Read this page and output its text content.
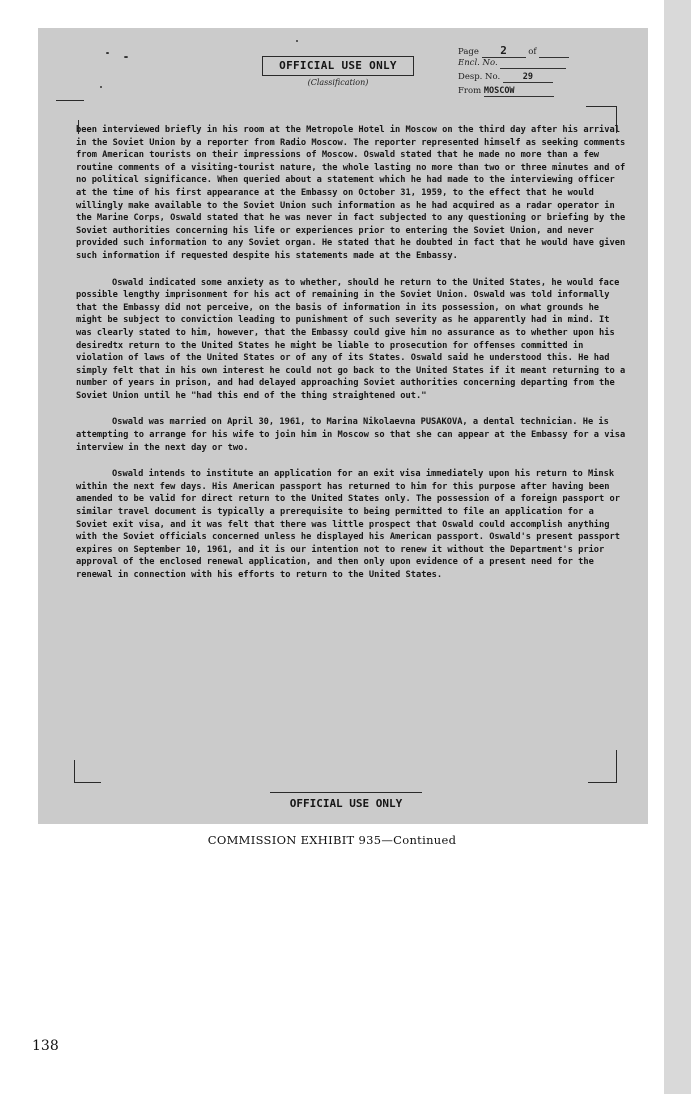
OFFICIAL USE ONLY
(Classification)
Page 2	of
Encl. No.
Desp. No.	29
From MOSCOW

been interviewed briefly in his room at the Metropole Hotel in Moscow on the third day after his arrival in the Soviet Union by a reporter from Radio Moscow. The reporter represented himself as seeking comments from American tourists on their impressions of Moscow. Oswald stated that he made no more than a few routine comments of a visiting-tourist nature, the whole lasting no more than two or three minutes and of no political significance. When queried about a statement which he had made to the interviewing officer at the time of his first appearance at the Embassy on October 31, 1959, to the effect that he would willingly make available to the Soviet Union such information as he had acquired as a radar operator in the Marine Corps, Oswald stated that he was never in fact subjected to any questioning or briefing by the Soviet authorities concerning his life or experiences prior to entering the Soviet Union, and never provided such information to any Soviet organ. He stated that he doubted in fact that he would have given such information if requested despite his statements made at the Embassy.

Oswald indicated some anxiety as to whether, should he return to the United States, he would face possible lengthy imprisonment for his act of remaining in the Soviet Union. Oswald was told informally that the Embassy did not perceive, on the basis of information in its possession, on what grounds he might be subject to conviction leading to punishment of such severity as he apparently had in mind. It was clearly stated to him, however, that the Embassy could give him no assurance as to whether upon his desiredtx return to the United States he might be liable to prosecution for offenses committed in violation of laws of the United States or of any of its States. Oswald said he understood this. He had simply felt that in his own interest he could not go back to the United States if it meant returning to a number of years in prison, and had delayed approaching Soviet authorities concerning departing from the Soviet Union until he "had this end of the thing straightened out."

Oswald was married on April 30, 1961, to Marina Nikolaevna PUSAKOVA, a dental technician. He is attempting to arrange for his wife to join him in Moscow so that she can appear at the Embassy for a visa interview in the next day or two.

Oswald intends to institute an application for an exit visa immediately upon his return to Minsk within the next few days. His American passport has returned to him for this purpose after having been amended to be valid for direct return to the United States only. The possession of a foreign passport or similar travel document is typically a prerequisite to being permitted to file an application for a Soviet exit visa, and it was felt that there was little prospect that Oswald could accomplish anything with the Soviet officials concerned unless he displayed his American passport. Oswald's present passport expires on September 10, 1961, and it is our intention not to renew it without the Department's prior approval of the enclosed renewal application, and then only upon evidence of a present need for the renewal in connection with his efforts to return to the United States.

OFFICIAL USE ONLY
COMMISSION EXHIBIT 935—Continued
138
